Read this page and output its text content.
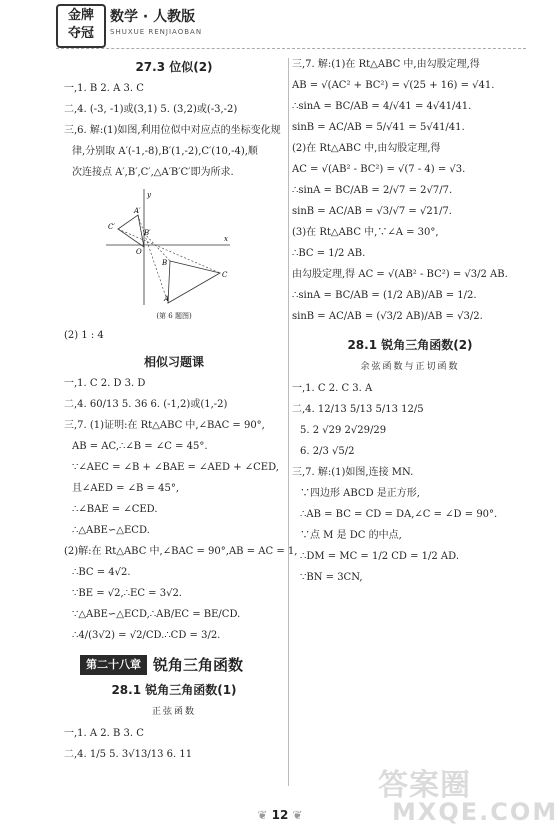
金牌
夺冠
数学 · 人教版
SHUXUE RENJIAOBAN
27.3 位似(2)
一,1. B 2. A 3. C
二,4. (-3, -1)或(3,1) 5. (3,2)或(-3,-2)
三,6. 解:(1)如图,利用位似中对应点的坐标变化规
律,分别取 A′(-1,-8),B′(1,-2),C′(10,-4),顺
次连接点 A′,B′,C′,△A′B′C′即为所求.
y
x
O
A
B
C
A′
B′
C′
(第 6 题图)
(2) 1 : 4
相似习题课
一,1. C 2. D 3. D
二,4. 60/13 5. 36 6. (-1,2)或(1,-2)
三,7. (1)证明:在 Rt△ABC 中,∠BAC = 90°,
AB = AC,∴∠B = ∠C = 45°.
∵∠AEC = ∠B + ∠BAE = ∠AED + ∠CED,
且∠AED = ∠B = 45°,
∴∠BAE = ∠CED.
∴△ABE∽△ECD.
(2)解:在 Rt△ABC 中,∠BAC = 90°,AB = AC = 1,
∴BC = 4√2.
∵BE = √2,∴EC = 3√2.
∵△ABE∽△ECD,∴AB/EC = BE/CD.
∴4/(3√2) = √2/CD.∴CD = 3/2.
第二十八章 锐角三角函数
28.1 锐角三角函数(1)
正弦函数
一,1. A 2. B 3. C
二,4. 1/5 5. 3√13/13 6. 11
三,7. 解:(1)在 Rt△ABC 中,由勾股定理,得
AB = √(AC² + BC²) = √(25 + 16) = √41.
∴sinA = BC/AB = 4/√41 = 4√41/41.
sinB = AC/AB = 5/√41 = 5√41/41.
(2)在 Rt△ABC 中,由勾股定理,得
AC = √(AB² - BC²) = √(7 - 4) = √3.
∴sinA = BC/AB = 2/√7 = 2√7/7.
sinB = AC/AB = √3/√7 = √21/7.
(3)在 Rt△ABC 中,∵∠A = 30°,
∴BC = 1/2 AB.
由勾股定理,得 AC = √(AB² - BC²) = √3/2 AB.
∴sinA = BC/AB = (1/2 AB)/AB = 1/2.
sinB = AC/AB = (√3/2 AB)/AB = √3/2.
28.1 锐角三角函数(2)
余弦函数与正切函数
一,1. C 2. C 3. A
二,4. 12/13 5/13 5/13 12/5
5. 2 √29 2√29/29
6. 2/3 √5/2
三,7. 解:(1)如图,连接 MN.
∵四边形 ABCD 是正方形,
∴AB = BC = CD = DA,∠C = ∠D = 90°.
∵点 M 是 DC 的中点,
∴DM = MC = 1/2 CD = 1/2 AD.
∵BN = 3CN,
答案圈
MXQE.COM
❦ 12 ❦
